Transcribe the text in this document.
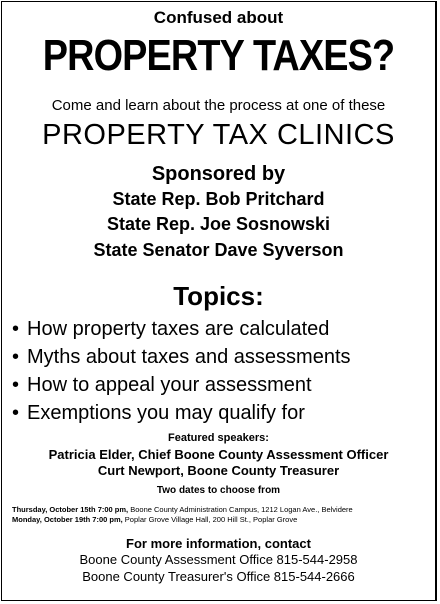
Confused about
PROPERTY TAXES?
Come and learn about the process at one of these
PROPERTY TAX CLINICS
Sponsored by
State Rep. Bob Pritchard
State Rep. Joe Sosnowski
State Senator Dave Syverson
Topics:
• How property taxes are calculated
• Myths about taxes and assessments
• How to appeal your assessment
• Exemptions you may qualify for
Featured speakers:
Patricia Elder, Chief Boone County Assessment Officer
Curt Newport, Boone County Treasurer
Two dates to choose from
Thursday, October 15th 7:00 pm, Boone County Administration Campus, 1212 Logan Ave., Belvidere
Monday, October 19th 7:00 pm, Poplar Grove Village Hall, 200 Hill St., Poplar Grove
For more information, contact
Boone County Assessment Office 815-544-2958
Boone County Treasurer's Office 815-544-2666
